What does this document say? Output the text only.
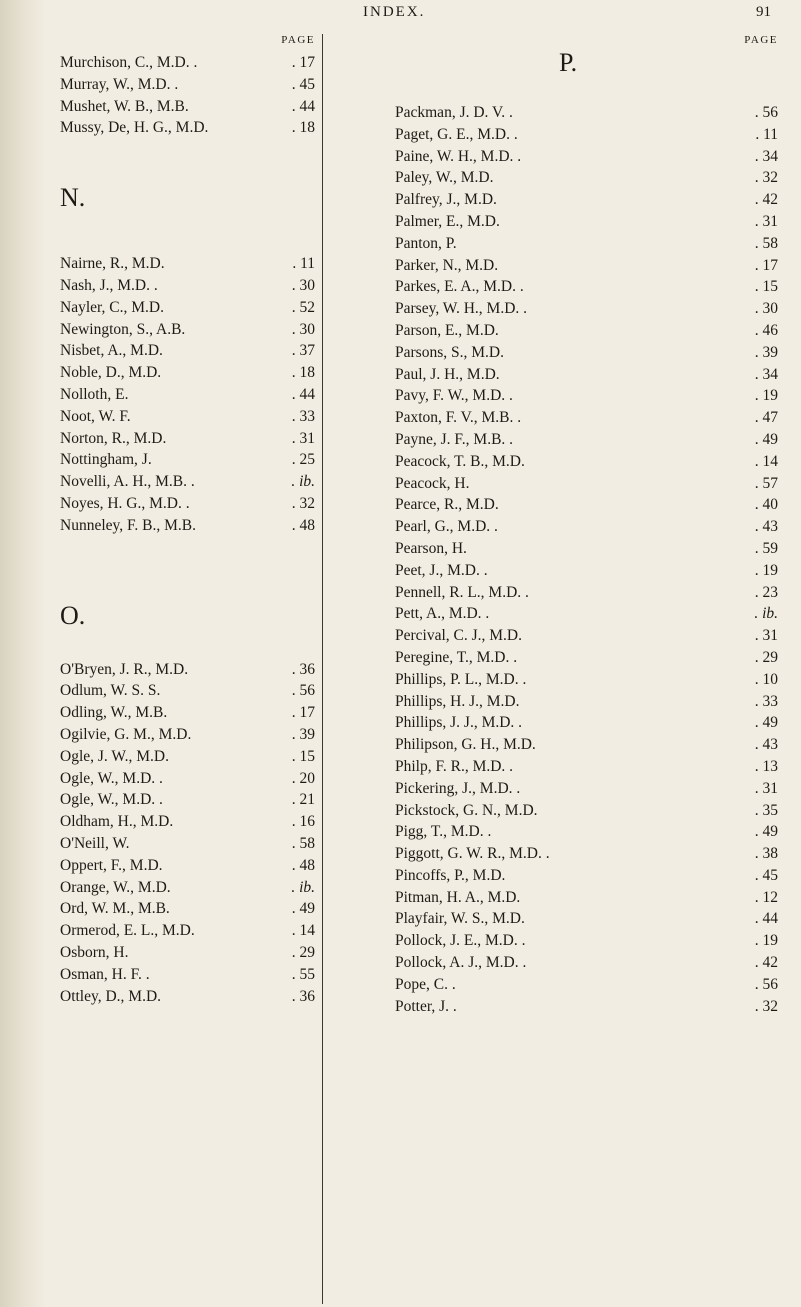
INDEX.	91
PAGE
Murchison, C., M.D. .	. 17
Murray, W., M.D. .	. 45
Mushet, W. B., M.B.	. 44
Mussy, De, H. G., M.D.	. 18
N.
Nairne, R., M.D.	. 11
Nash, J., M.D. .	. 30
Nayler, C., M.D.	. 52
Newington, S., A.B.	. 30
Nisbet, A., M.D.	. 37
Noble, D., M.D.	. 18
Nolloth, E.	. 44
Noot, W. F.	. 33
Norton, R., M.D.	. 31
Nottingham, J.	. 25
Novelli, A. H., M.B. .	. ib.
Noyes, H. G., M.D. .	. 32
Nunneley, F. B., M.B.	. 48
O.
O'Bryen, J. R., M.D.	. 36
Odlum, W. S. S.	. 56
Odling, W., M.B.	. 17
Ogilvie, G. M., M.D.	. 39
Ogle, J. W., M.D.	. 15
Ogle, W., M.D. .	. 20
Ogle, W., M.D. .	. 21
Oldham, H., M.D.	. 16
O'Neill, W.	. 58
Oppert, F., M.D.	. 48
Orange, W., M.D.	. ib.
Ord, W. M., M.B.	. 49
Ormerod, E. L., M.D.	. 14
Osborn, H.	. 29
Osman, H. F. .	. 55
Ottley, D., M.D.	. 36
PAGE
P.
Packman, J. D. V. .	. 56
Paget, G. E., M.D. .	. 11
Paine, W. H., M.D. .	. 34
Paley, W., M.D.	. 32
Palfrey, J., M.D.	. 42
Palmer, E., M.D.	. 31
Panton, P.	. 58
Parker, N., M.D.	. 17
Parkes, E. A., M.D. .	. 15
Parsey, W. H., M.D. .	. 30
Parson, E., M.D.	. 46
Parsons, S., M.D.	. 39
Paul, J. H., M.D.	. 34
Pavy, F. W., M.D. .	. 19
Paxton, F. V., M.B. .	. 47
Payne, J. F., M.B. .	. 49
Peacock, T. B., M.D.	. 14
Peacock, H.	. 57
Pearce, R., M.D.	. 40
Pearl, G., M.D. .	. 43
Pearson, H.	. 59
Peet, J., M.D. .	. 19
Pennell, R. L., M.D. .	. 23
Pett, A., M.D. .	. ib.
Percival, C. J., M.D.	. 31
Peregine, T., M.D. .	. 29
Phillips, P. L., M.D. .	. 10
Phillips, H. J., M.D.	. 33
Phillips, J. J., M.D. .	. 49
Philipson, G. H., M.D.	. 43
Philp, F. R., M.D. .	. 13
Pickering, J., M.D. .	. 31
Pickstock, G. N., M.D.	. 35
Pigg, T., M.D. .	. 49
Piggott, G. W. R., M.D. .	. 38
Pincoffs, P., M.D.	. 45
Pitman, H. A., M.D.	. 12
Playfair, W. S., M.D.	. 44
Pollock, J. E., M.D. .	. 19
Pollock, A. J., M.D. .	. 42
Pope, C. .	. 56
Potter, J. .	. 32
